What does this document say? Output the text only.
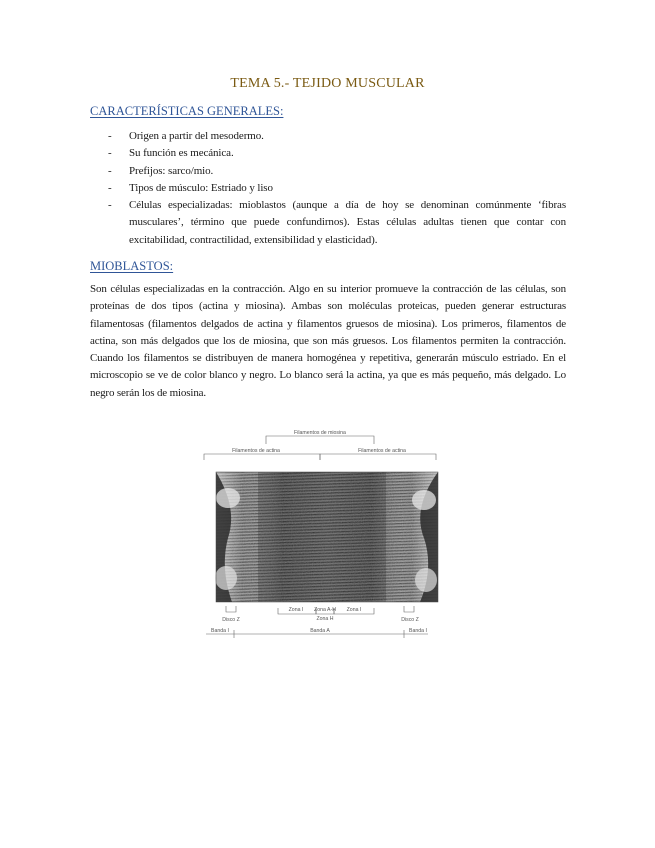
TEMA 5.- TEJIDO MUSCULAR
CARACTERÍSTICAS GENERALES:
- Origen a partir del mesodermo.
- Su función es mecánica.
- Prefijos: sarco/mio.
- Tipos de músculo: Estriado y liso
- Células especializadas: mioblastos (aunque a día de hoy se denominan comúnmente ‘fibras musculares’, término que puede confundirnos). Estas células adultas tienen que contar con excitabilidad, contractilidad, extensibilidad y elasticidad).
MIOBLASTOS:

Son células especializadas en la contracción. Algo en su interior promueve la contracción de las células, son proteínas de dos tipos (actina y miosina). Ambas son moléculas proteicas, pueden generar estructuras filamentosas (filamentos delgados de actina y filamentos gruesos de miosina). Los primeros, filamentos de actina, son más delgados que los de miosina, que son más gruesos. Los filamentos permiten la contracción. Cuando los filamentos se distribuyen de manera homogénea y repetitiva, generarán músculo estriado. En el microscopio se ve de color blanco y negro. Lo blanco será la actina, ya que es más pequeño, más delgado. Lo negro serán los de miosina.

Filamentos de miosina
Filamentos de actina	Filamentos de actina
Zona I Zona A-H
Zona H
Zona I
Disco Z	Disco Z
Banda I	Banda A	Banda I
